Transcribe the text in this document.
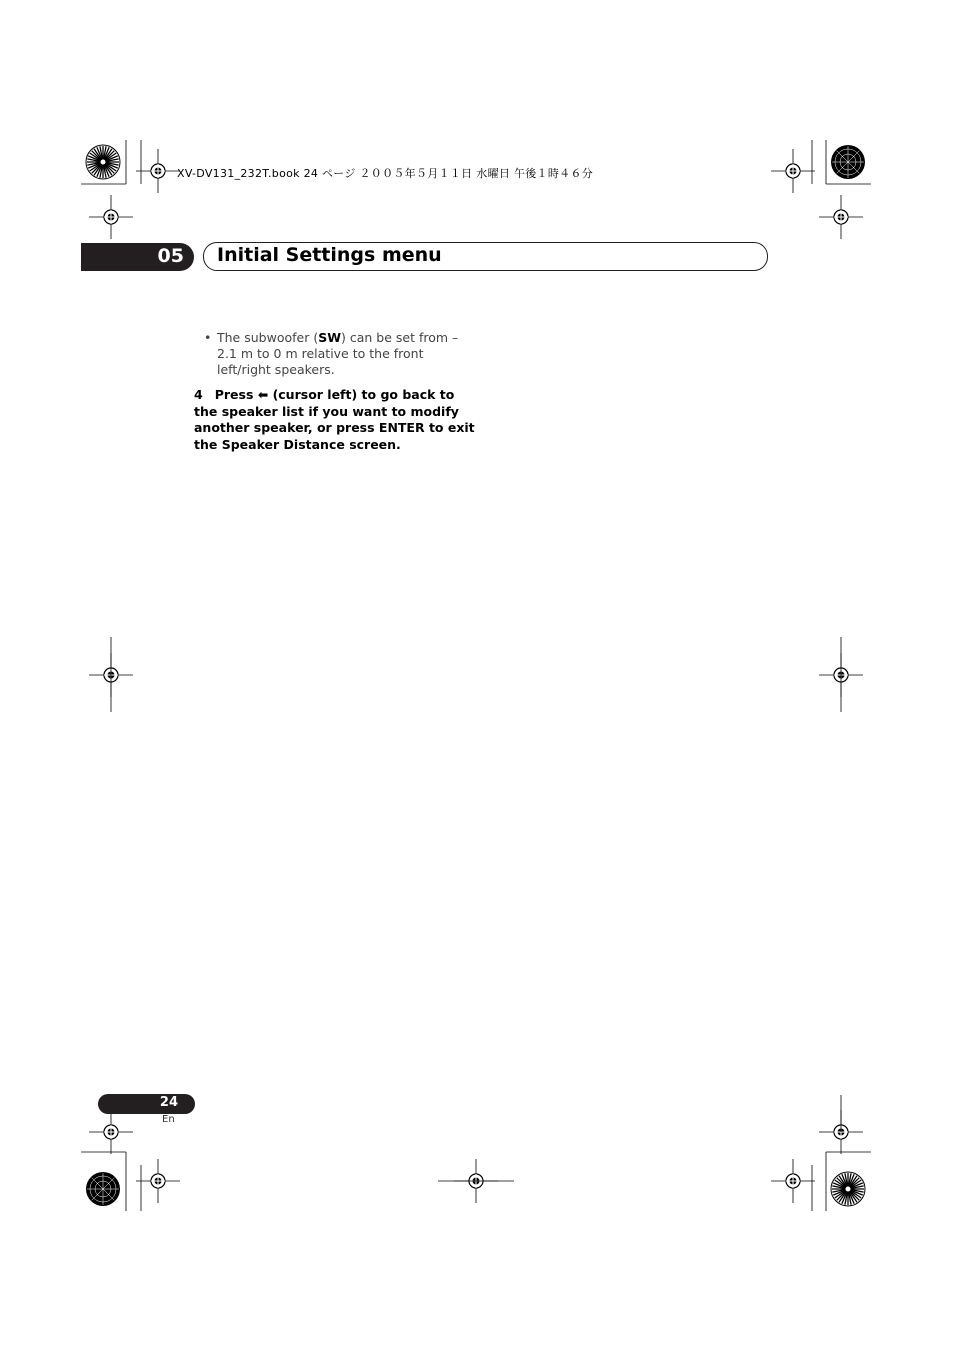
XV-DV131_232T.book 24 ページ ２００５年５月１１日 水曜日 午後１時４６分
05 Initial Settings menu
• The subwoofer (SW) can be set from –2.1 m to 0 m relative to the front left/right speakers.
4 Press ⬅ (cursor left) to go back to the speaker list if you want to modify another speaker, or press ENTER to exit the Speaker Distance screen.
24
En
